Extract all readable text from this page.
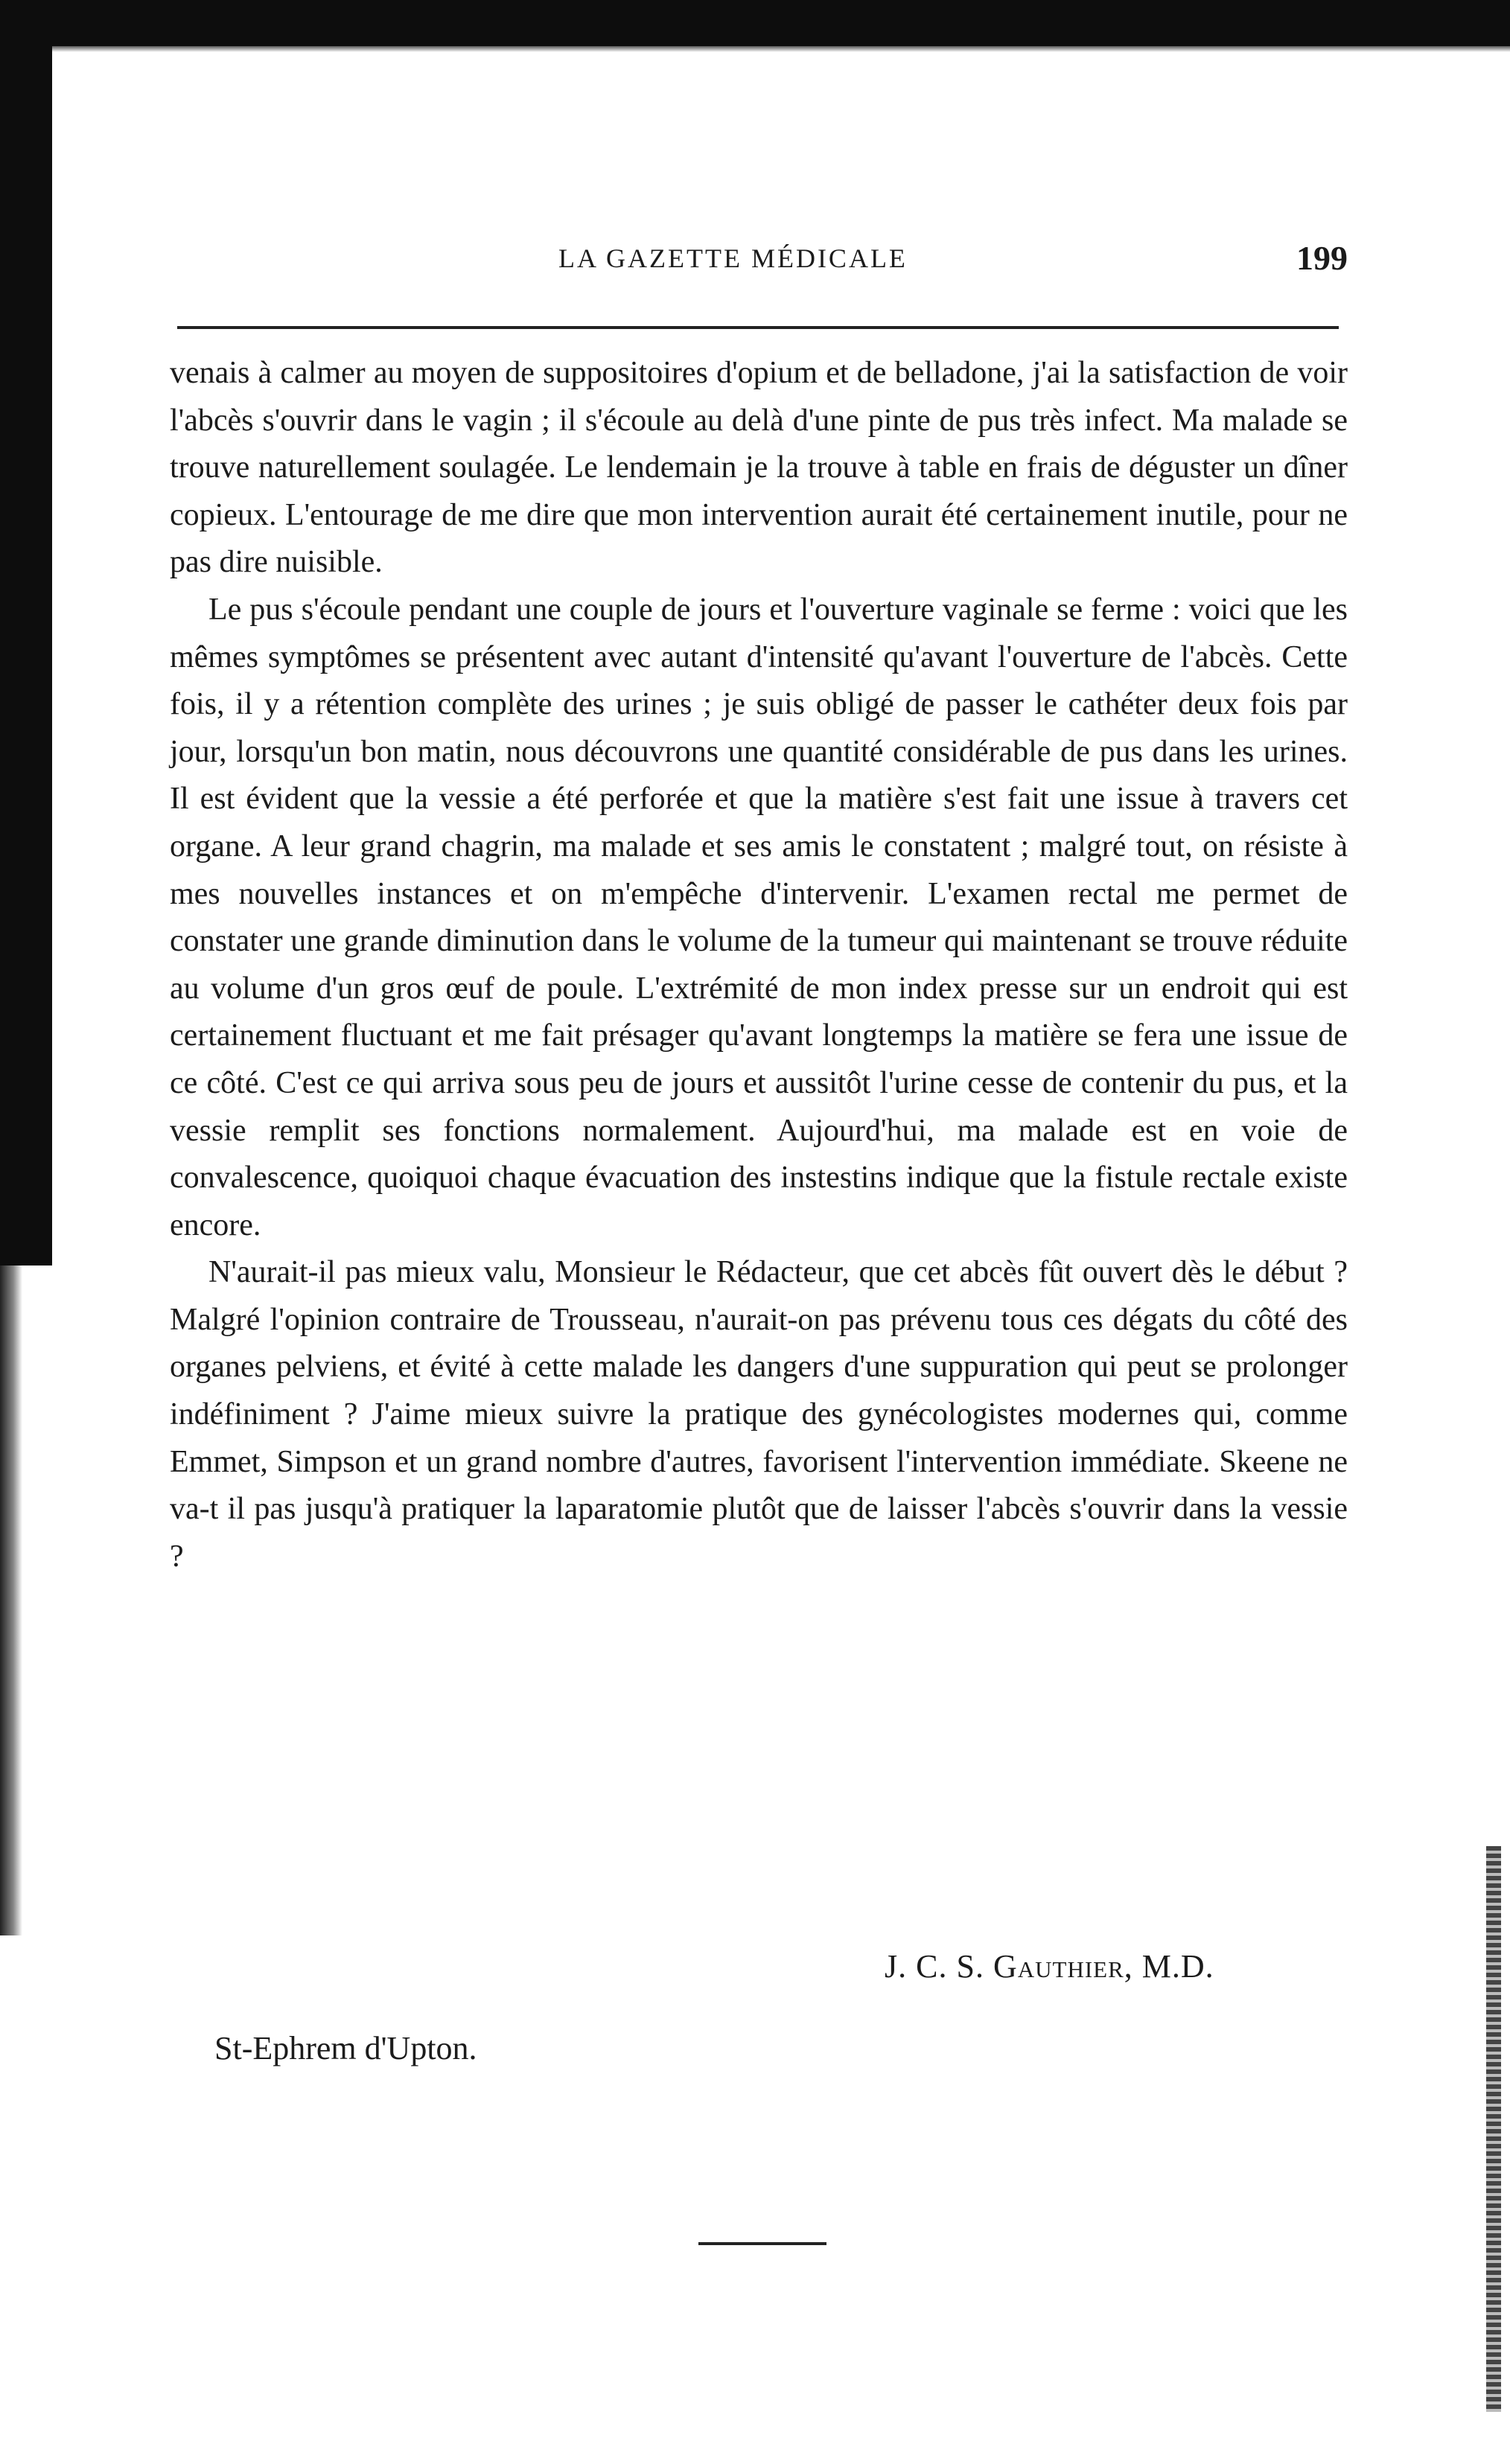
LA GAZETTE MÉDICALE	199

venais à calmer au moyen de suppositoires d'opium et de belladone, j'ai la satisfaction de voir l'abcès s'ouvrir dans le vagin ; il s'écoule au delà d'une pinte de pus très infect. Ma malade se trouve naturellement soulagée. Le lendemain je la trouve à table en frais de déguster un dîner copieux. L'entourage de me dire que mon intervention aurait été certainement inutile, pour ne pas dire nuisible.

Le pus s'écoule pendant une couple de jours et l'ouverture vaginale se ferme : voici que les mêmes symptômes se présentent avec autant d'intensité qu'avant l'ouverture de l'abcès. Cette fois, il y a rétention complète des urines ; je suis obligé de passer le cathéter deux fois par jour, lorsqu'un bon matin, nous découvrons une quantité considérable de pus dans les urines. Il est évident que la vessie a été perforée et que la matière s'est fait une issue à travers cet organe. A leur grand chagrin, ma malade et ses amis le constatent ; malgré tout, on résiste à mes nouvelles instances et on m'empêche d'intervenir. L'examen rectal me permet de constater une grande diminution dans le volume de la tumeur qui maintenant se trouve réduite au volume d'un gros œuf de poule. L'extrémité de mon index presse sur un endroit qui est certainement fluctuant et me fait présager qu'avant longtemps la matière se fera une issue de ce côté. C'est ce qui arriva sous peu de jours et aussitôt l'urine cesse de contenir du pus, et la vessie remplit ses fonctions normalement. Aujourd'hui, ma malade est en voie de convalescence, quoiquoi chaque évacuation des instestins indique que la fistule rectale existe encore.

N'aurait-il pas mieux valu, Monsieur le Rédacteur, que cet abcès fût ouvert dès le début ? Malgré l'opinion contraire de Trousseau, n'aurait-on pas prévenu tous ces dégats du côté des organes pelviens, et évité à cette malade les dangers d'une suppuration qui peut se prolonger indéfiniment ? J'aime mieux suivre la pratique des gynécologistes modernes qui, comme Emmet, Simpson et un grand nombre d'autres, favorisent l'intervention immédiate. Skeene ne va-t il pas jusqu'à pratiquer la laparatomie plutôt que de laisser l'abcès s'ouvrir dans la vessie ?

J. C. S. Gauthier, M.D.
St-Ephrem d'Upton.
